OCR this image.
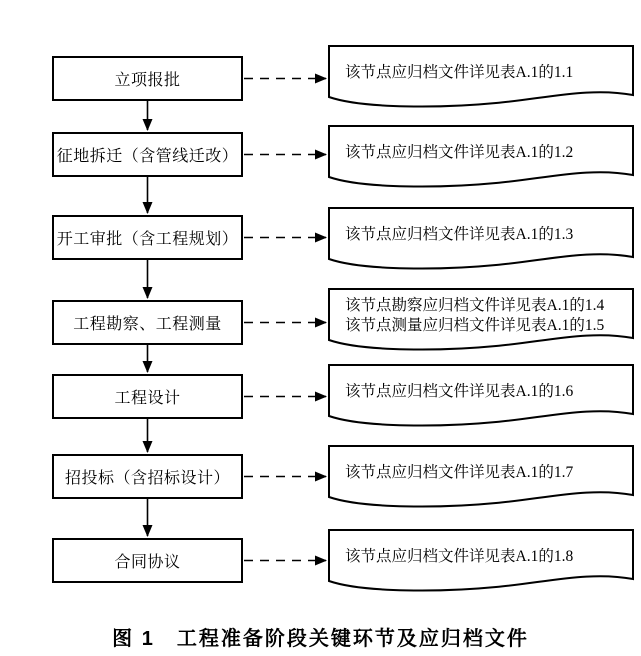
立项报批	该节点应归档文件详见表A.1的1.1
征地拆迁（含管线迁改）	该节点应归档文件详见表A.1的1.2
开工审批（含工程规划）	该节点应归档文件详见表A.1的1.3
工程勘察、工程测量
该节点勘察应归档文件详见表A.1的1.4
该节点测量应归档文件详见表A.1的1.5
工程设计	该节点应归档文件详见表A.1的1.6
招投标（含招标设计）	该节点应归档文件详见表A.1的1.7
合同协议	该节点应归档文件详见表A.1的1.8
图 1　工程准备阶段关键环节及应归档文件
